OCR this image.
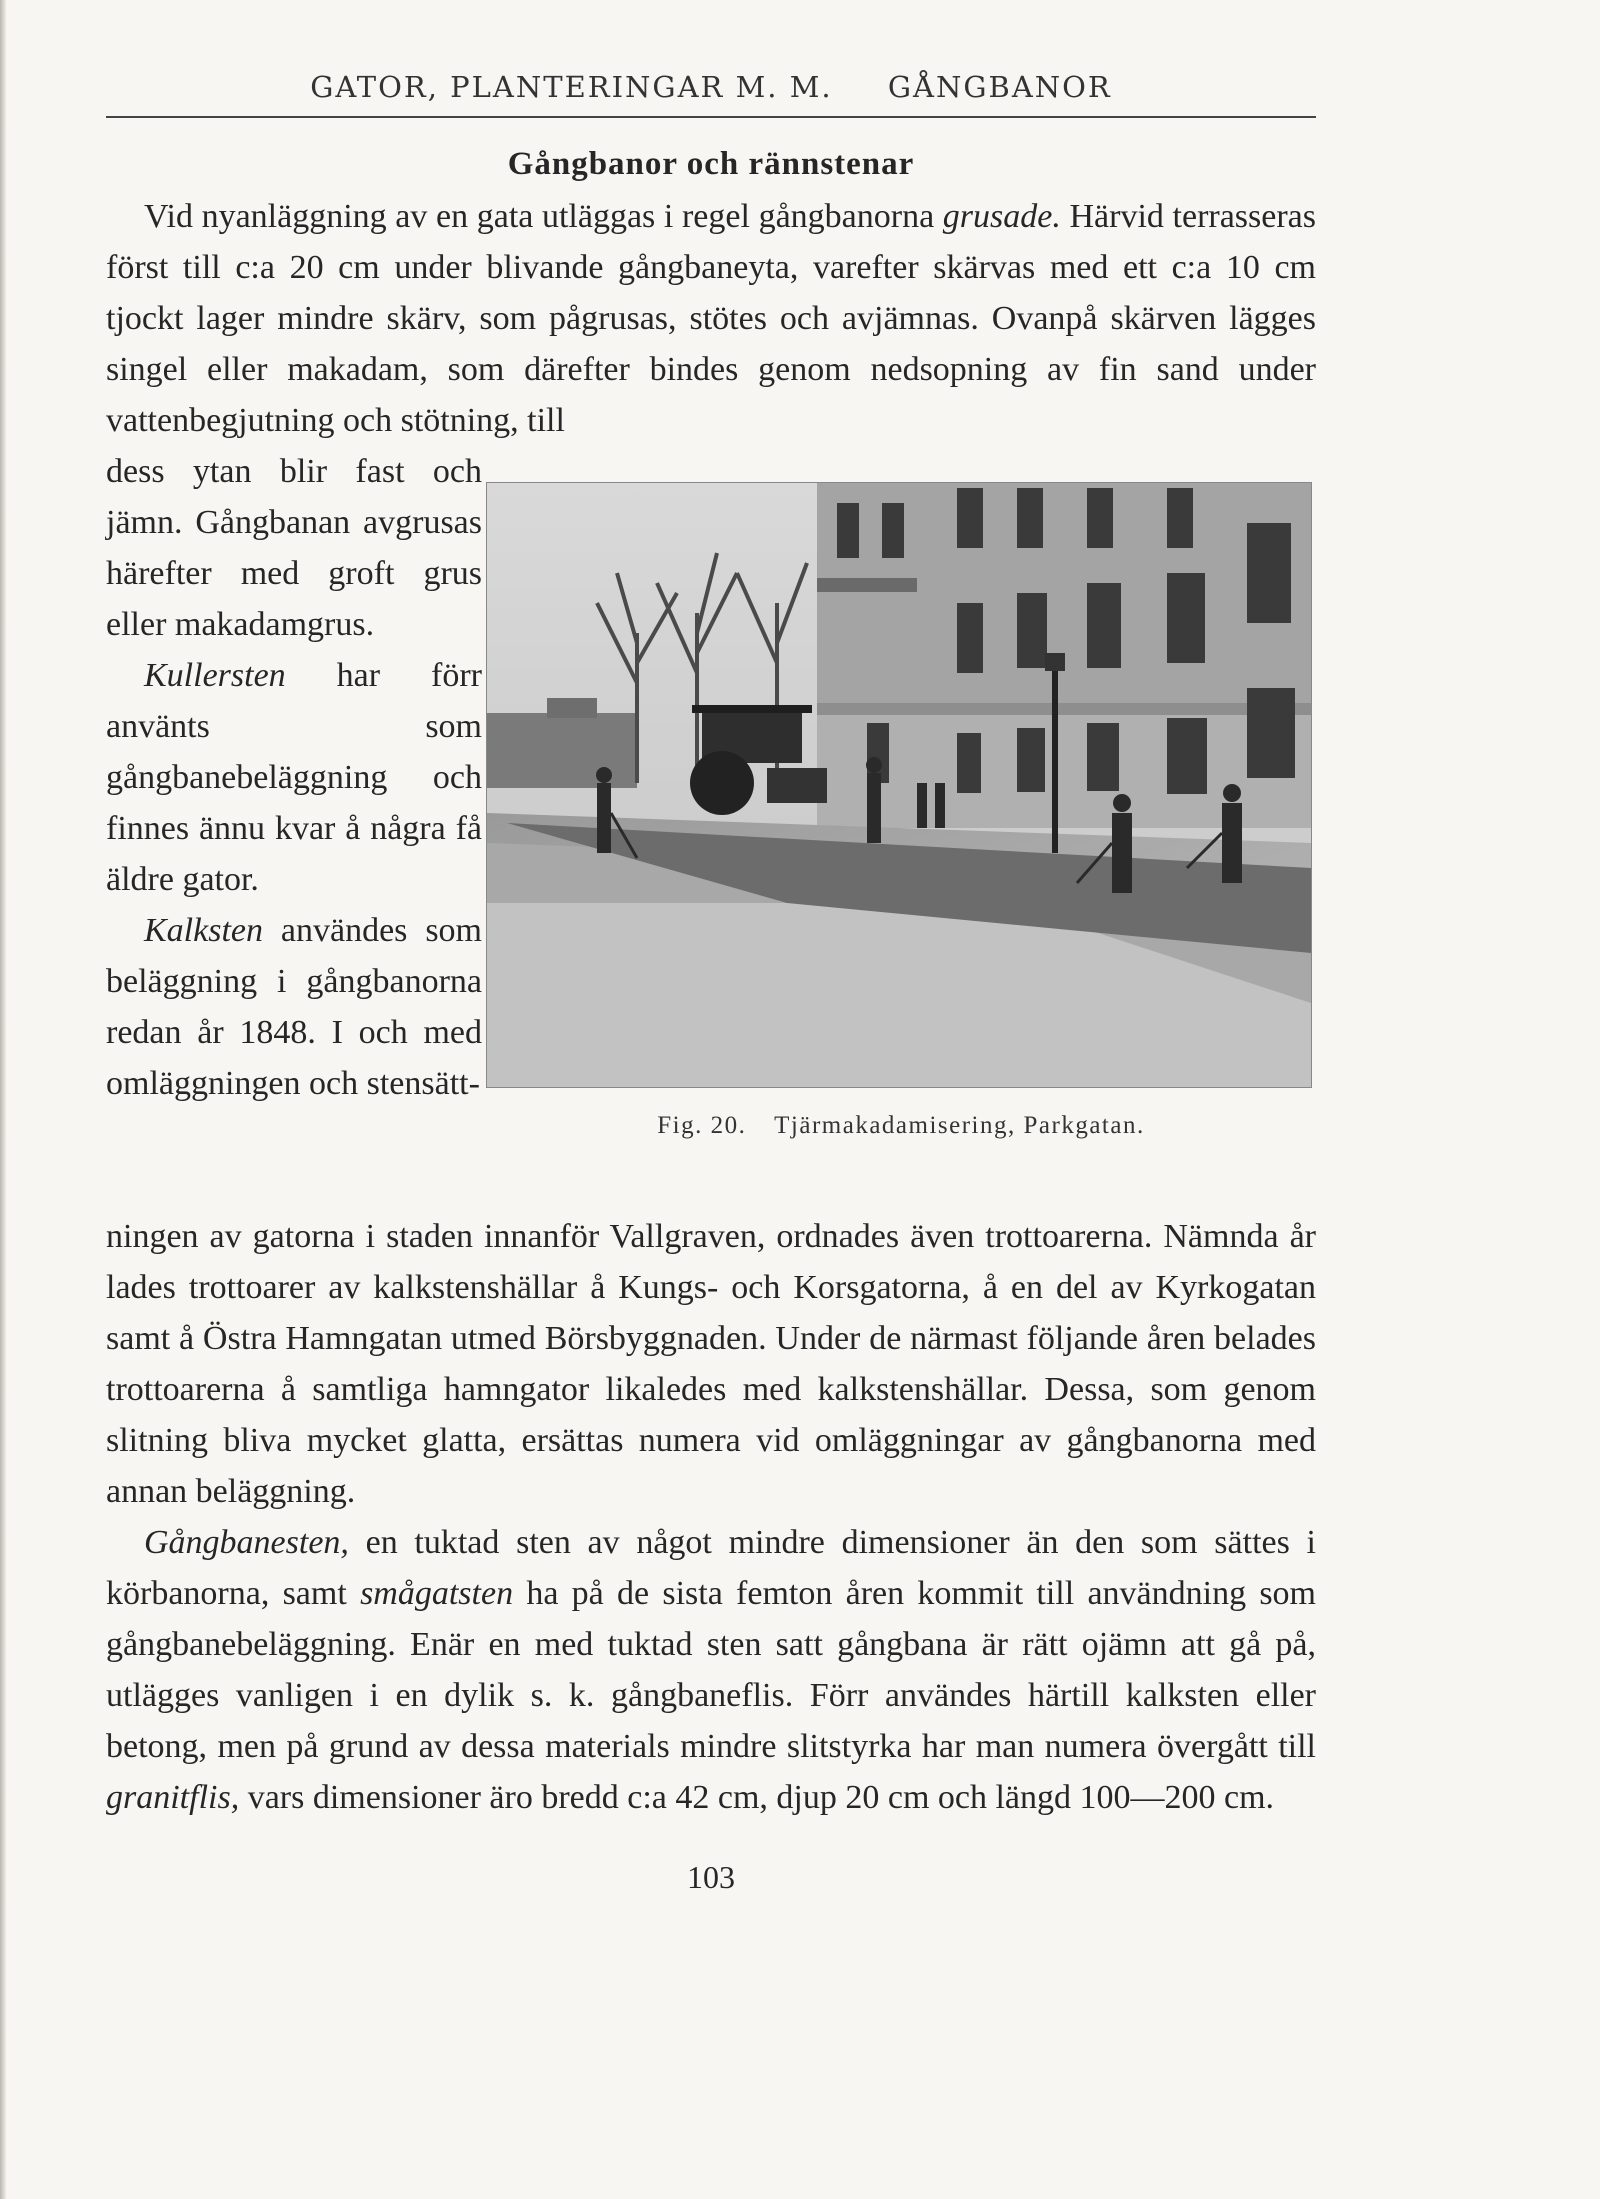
GATOR, PLANTERINGAR M. M. GÅNGBANOR
Gångbanor och rännstenar

Vid nyanläggning av en gata utläggas i regel gångbanorna grusade. Härvid terrasseras först till c:a 20 cm under blivande gångbaneyta, varefter skärvas med ett c:a 10 cm tjockt lager mindre skärv, som pågrusas, stötes och avjämnas. Ovanpå skärven lägges singel eller makadam, som därefter bindes genom nedsopning av fin sand under vattenbegjutning och stötning, till

dess ytan blir fast och jämn. Gångbanan avgrusas härefter med groft grus eller makadamgrus.

Kullersten har förr använts som gångbanebeläggning och finnes ännu kvar å några få äldre gator.

Kalksten användes som beläggning i gångbanorna redan år 1848. I och med omläggningen och stensätt-

Fig. 20. Tjärmakadamisering, Parkgatan.

ningen av gatorna i staden innanför Vallgraven, ordnades även trottoarerna. Nämnda år lades trottoarer av kalkstenshällar å Kungs- och Korsgatorna, å en del av Kyrkogatan samt å Östra Hamngatan utmed Börsbyggnaden. Under de närmast följande åren belades trottoarerna å samtliga hamngator likaledes med kalkstenshällar. Dessa, som genom slitning bliva mycket glatta, ersättas numera vid omläggningar av gångbanorna med annan beläggning.

Gångbanesten, en tuktad sten av något mindre dimensioner än den som sättes i körbanorna, samt smågatsten ha på de sista femton åren kommit till användning som gångbanebeläggning. Enär en med tuktad sten satt gångbana är rätt ojämn att gå på, utlägges vanligen i en dylik s. k. gångbaneflis. Förr användes härtill kalksten eller betong, men på grund av dessa materials mindre slitstyrka har man numera övergått till granitflis, vars dimensioner äro bredd c:a 42 cm, djup 20 cm och längd 100—200 cm.

103
